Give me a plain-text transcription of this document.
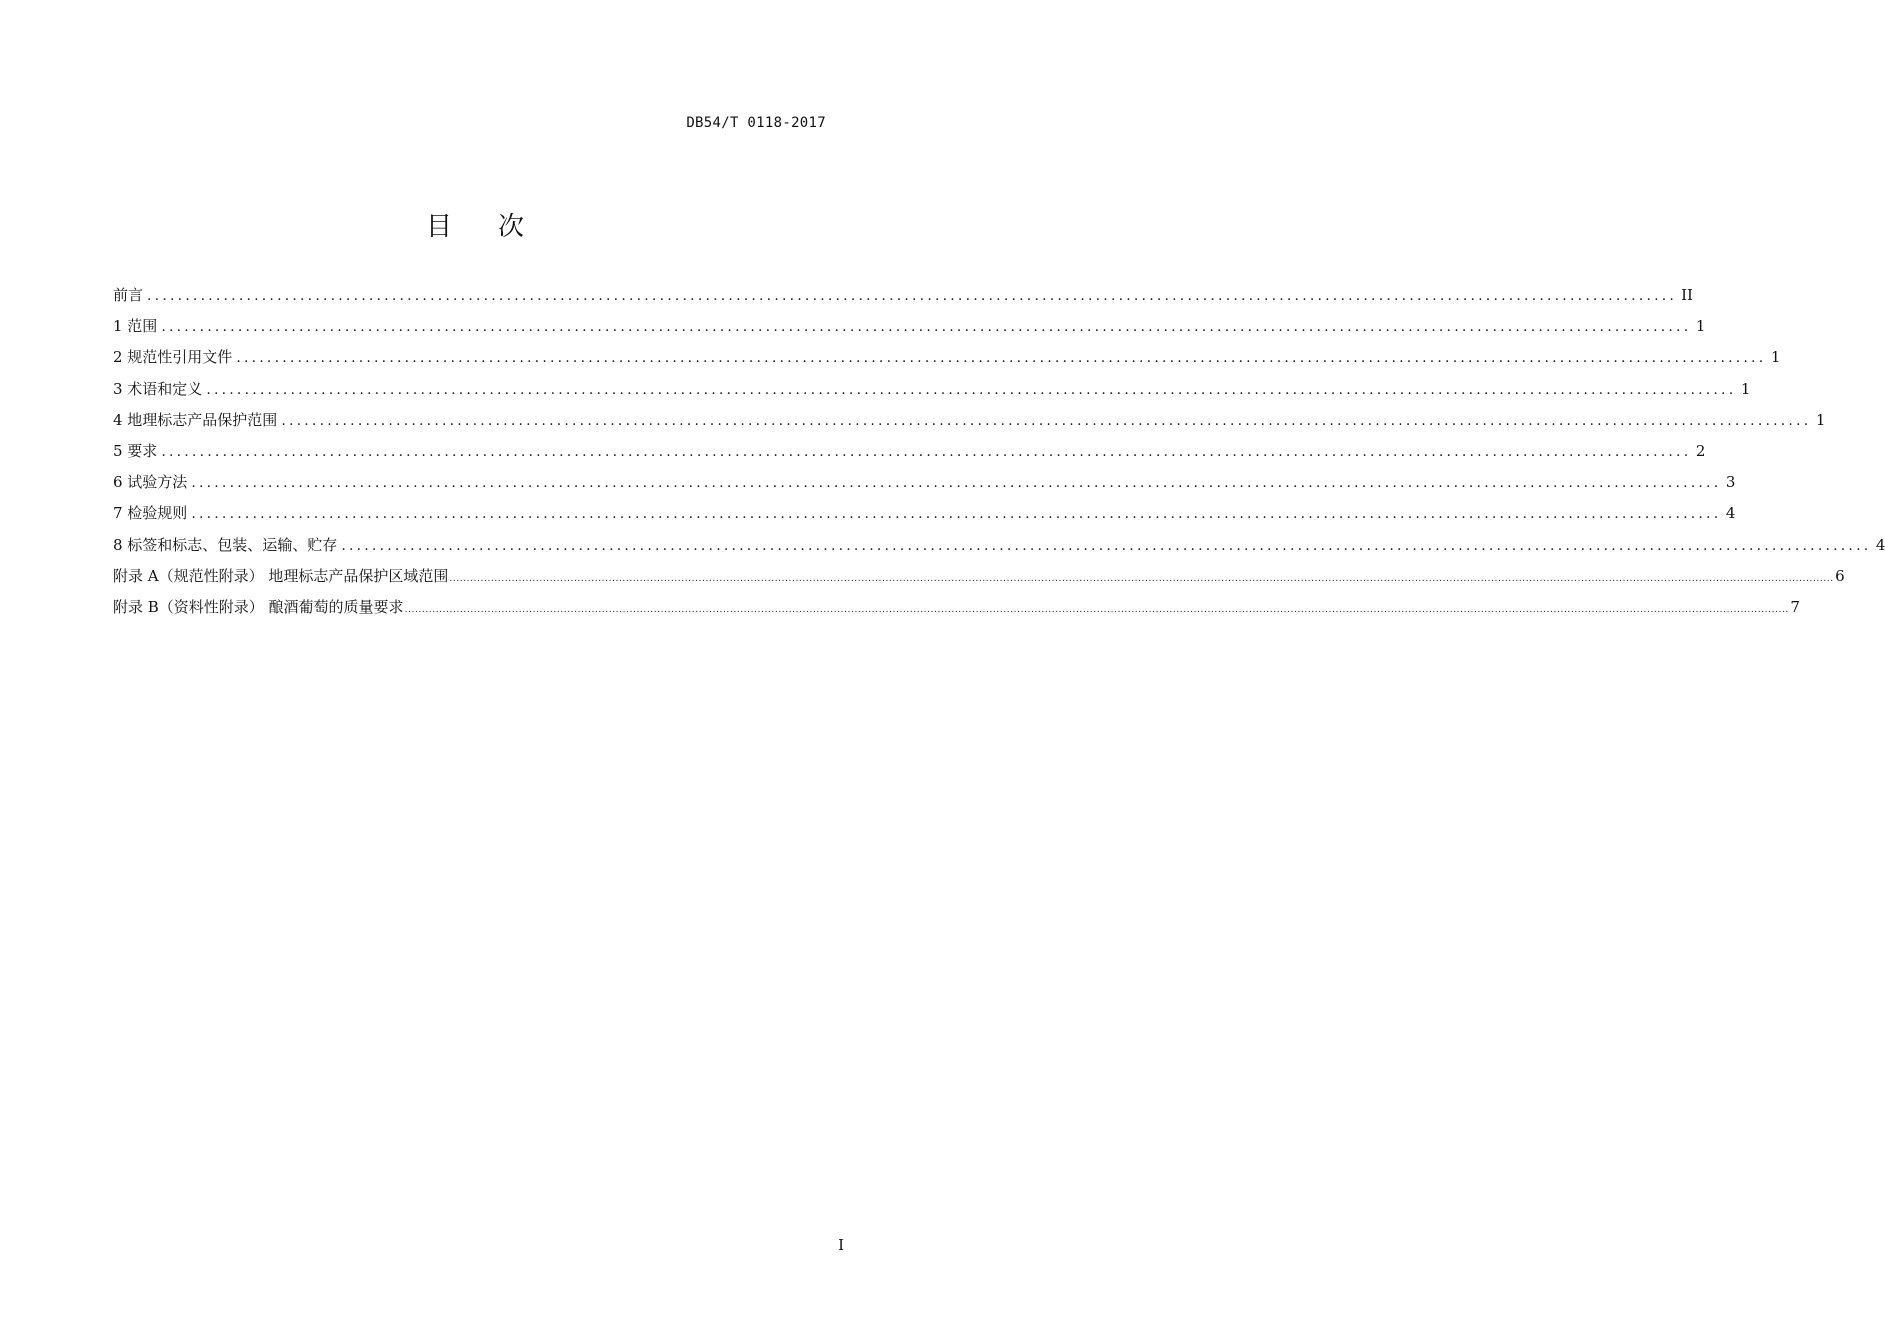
DB54/T 0118-2017
目 次
前言 ........................................................................................................................................................................................................ II
1 范围 ........................................................................................................................................................................................................ 1
2 规范性引用文件 ........................................................................................................................................................................................................ 1
3 术语和定义 ........................................................................................................................................................................................................ 1
4 地理标志产品保护范围 ........................................................................................................................................................................................................ 1
5 要求 ........................................................................................................................................................................................................ 2
6 试验方法 ........................................................................................................................................................................................................ 3
7 检验规则 ........................................................................................................................................................................................................ 4
8 标签和标志、包装、运输、贮存 ........................................................................................................................................................................................................ 4
附录 A（规范性附录） 地理标志产品保护区域范围 ................................................................................................................................................................................................................................................................................................................................................................................................................ 6
附录 B（资料性附录） 酿酒葡萄的质量要求 ................................................................................................................................................................................................................................................................................................................................................................................................................ 7
I
